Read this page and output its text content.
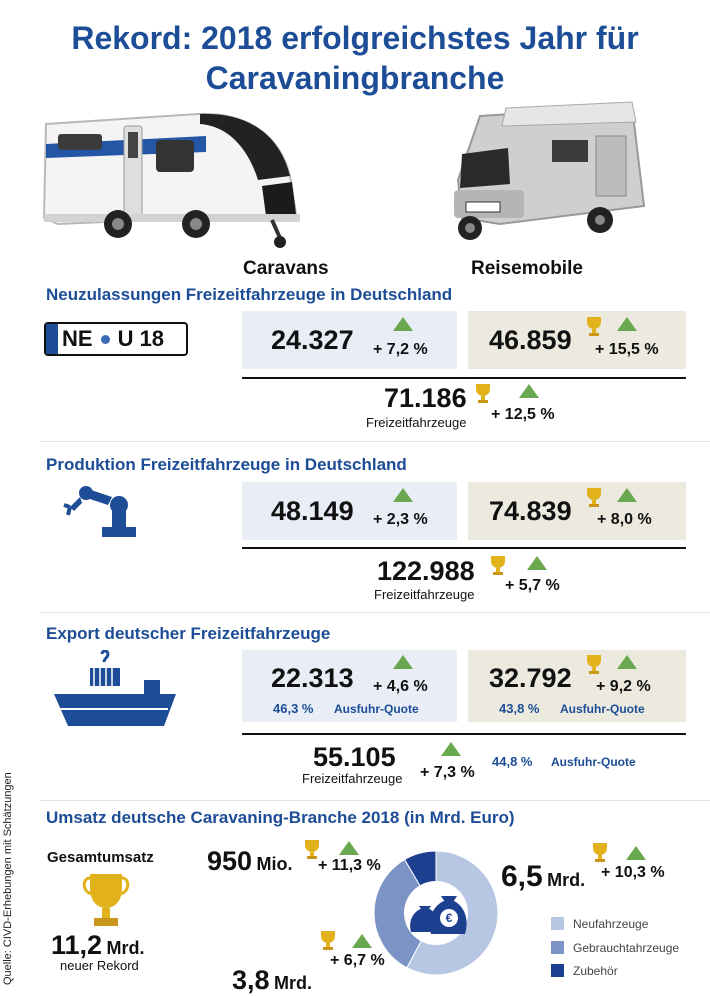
Rekord: 2018 erfolgreichstes Jahr für
Caravaningbranche
Caravans	Reisemobile
Neuzulassungen Freizeitfahrzeuge in Deutschland
NE U 18	24.327 + 7,2 % 46.859 + 15,5 %
71.186
Freizeitfahrzeuge + 12,5 %
Produktion Freizeitfahrzeuge in Deutschland
48.149 + 2,3 % 74.839 + 8,0 %
122.988
Freizeitfahrzeuge
+ 5,7 %
Export deutscher Freizeitfahrzeuge
22.313 + 4,6 %
46,3 % Ausfuhr-Quote
32.792 + 9,2 %
43,8 % Ausfuhr-Quote
55.105
Freizeitfahrzeuge + 7,3 %
44,8 % Ausfuhr-Quote
Umsatz deutsche Caravaning-Branche 2018 (in Mrd. Euro)
Gesamtumsatz
11,2 Mrd.
neuer Rekord
950 Mio. + 11,3 %
€
6,5 Mrd. + 10,3 %
3,8 Mrd.
+ 6,7 %
Neufahrzeuge
Gebrauchtahrzeuge
Zubehör
Quelle: CIVD-Erhebungen mit Schätzungen
